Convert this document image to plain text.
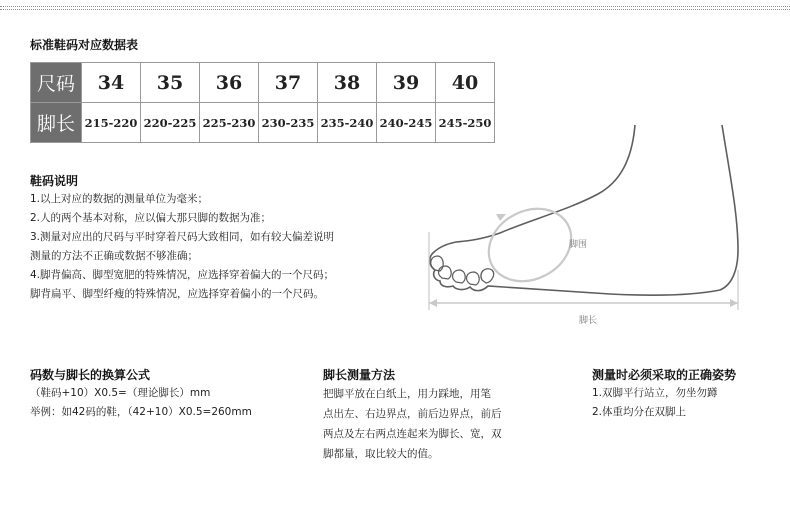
标准鞋码对应数据表
尺码	34	35	36	37	38	39	40
脚长	215-220	220-225	225-230	230-235	235-240	240-245	245-250
鞋码说明
1.以上对应的数据的测量单位为毫米；
2.人的两个基本对称，应以偏大那只脚的数据为准；
3.测量对应出的尺码与平时穿着尺码大致相同，如有较大偏差说明
测量的方法不正确或数据不够准确；
4.脚背偏高、脚型宽肥的特殊情况，应选择穿着偏大的一个尺码；
脚背扁平、脚型纤瘦的特殊情况，应选择穿着偏小的一个尺码。
脚围
脚长
码数与脚长的换算公式
（鞋码+10）X0.5=（理论脚长）mm
举例：如42码的鞋，（42+10）X0.5=260mm
脚长测量方法
把脚平放在白纸上，用力踩地，用笔
点出左、右边界点，前后边界点，前后
两点及左右两点连起来为脚长、宽，双
脚都量，取比较大的值。
测量时必须采取的正确姿势
1.双脚平行站立，勿坐勿蹲
2.体重均分在双脚上
